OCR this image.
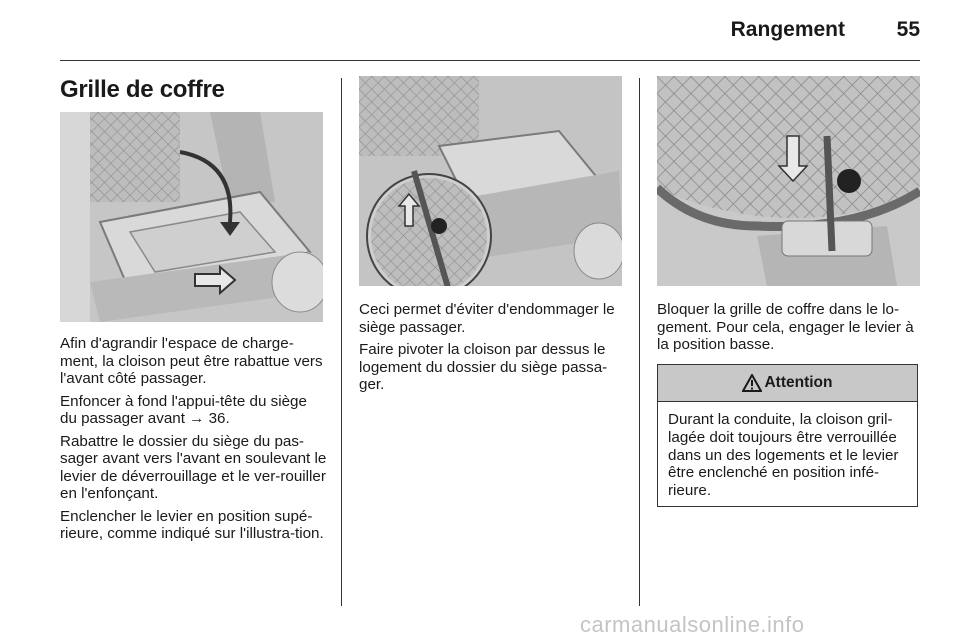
Rangement	55
Grille de coffre

Afin d'agrandir l'espace de charge-ment, la cloison peut être rabattue vers l'avant côté passager.

Enfoncer à fond l'appui-tête du siège du passager avant → 36.

Rabattre le dossier du siège du pas-sager avant vers l'avant en soulevant le levier de déverrouillage et le ver-rouiller en l'enfonçant.

Enclencher le levier en position supé-rieure, comme indiqué sur l'illustra-tion.

Ceci permet d'éviter d'endommager le siège passager.

Faire pivoter la cloison par dessus le logement du dossier du siège passa-ger.

Bloquer la grille de coffre dans le lo-gement. Pour cela, engager le levier à la position basse.

Attention
Durant la conduite, la cloison gril-lagée doit toujours être verrouillée dans un des logements et le levier être enclenché en position infé-rieure.
carmanualsonline.info
